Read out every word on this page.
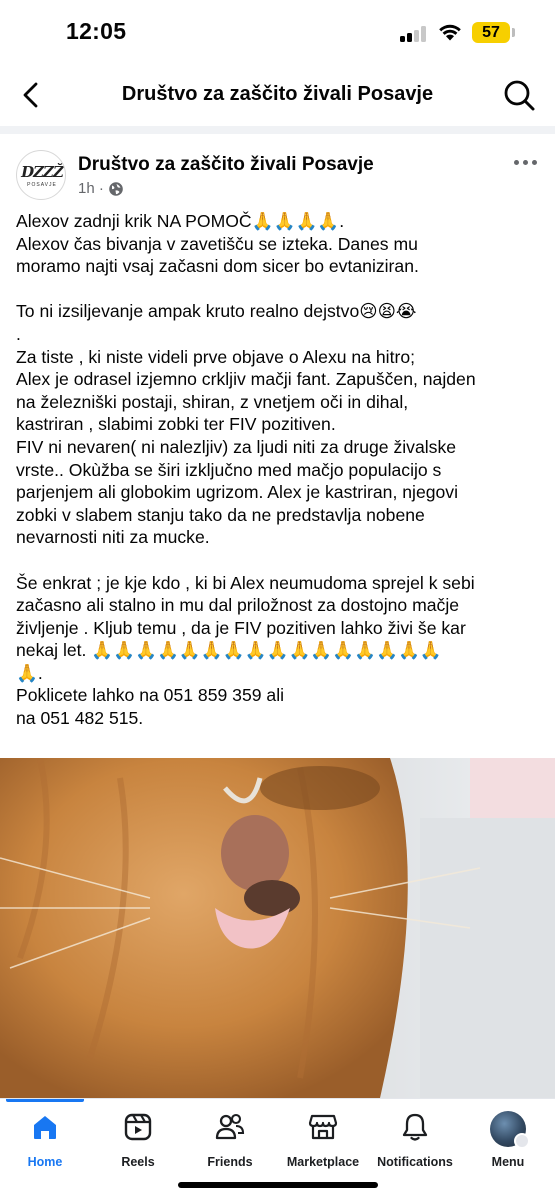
12:05	57
Društvo za zaščito živali Posavje
DZZŽ
POSAVJE
Društvo za zaščito živali Posavje
1h ·
Alexov zadnji krik NA POMOČ🙏🙏🙏🙏.
Alexov čas bivanja v zavetišču se izteka. Danes mu
moramo najti vsaj začasni dom sicer bo evtaniziran.
To ni izsiljevanje ampak kruto realno dejstvo😢😫😭
.
Za tiste , ki niste videli prve objave o Alexu na hitro;
Alex je odrasel izjemno crkljiv mačji fant. Zapuščen, najden
na železniški postaji, shiran, z vnetjem oči in dihal,
kastriran , slabimi zobki ter FIV pozitiven.
FIV ni nevaren( ni nalezljiv) za ljudi niti za druge živalske
vrste.. Okùžba se širi izključno med mačjo populacijo s
parjenjem ali globokim ugrizom. Alex je kastriran, njegovi
zobki v slabem stanju tako da ne predstavlja nobene
nevarnosti niti za mucke.
Še enkrat ; je kje kdo , ki bi Alex neumudoma sprejel k sebi
začasno ali stalno in mu dal priložnost za dostojno mačje
življenje . Kljub temu , da je FIV pozitiven lahko živi še kar
nekaj let. 🙏🙏🙏🙏🙏🙏🙏🙏🙏🙏🙏🙏🙏🙏🙏🙏
🙏.
Poklicete lahko na 051 859 359 ali
na 051 482 515.
Home	Reels	Friends	Marketplace	Notifications	Menu
